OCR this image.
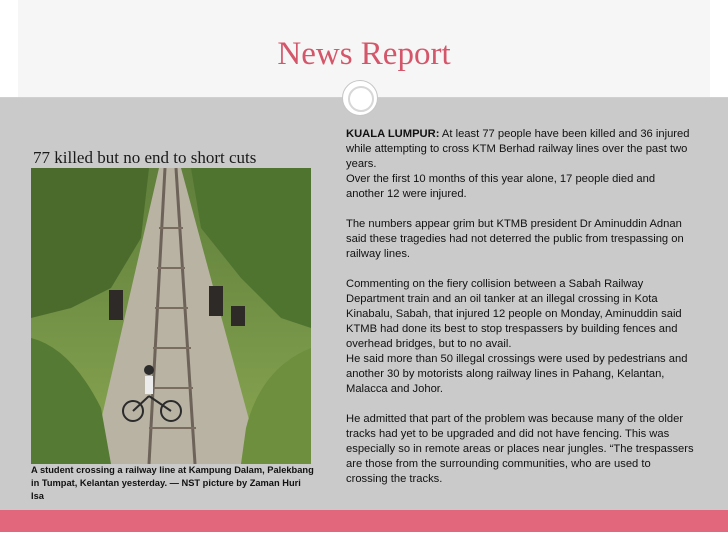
News Report
77 killed but no end to short cuts
A student crossing a railway line at Kampung Dalam, Palekbang in Tumpat, Kelantan yesterday. — NST picture by Zaman Huri Isa

KUALA LUMPUR: At least 77 people have been killed and 36 injured while attempting to cross KTM Berhad railway lines over the past two years.
Over the first 10 months of this year alone, 17 people died and another 12 were injured.

The numbers appear grim but KTMB president Dr Aminuddin Adnan said these tragedies had not deterred the public from trespassing on railway lines.

Commenting on the fiery collision between a Sabah Railway Department train and an oil tanker at an illegal crossing in Kota Kinabalu, Sabah, that injured 12 people on Monday, Aminuddin said KTMB had done its best to stop trespassers by building fences and overhead bridges, but to no avail.

He said more than 50 illegal crossings were used by pedestrians and another 30 by motorists along railway lines in Pahang, Kelantan, Malacca and Johor.

He admitted that part of the problem was because many of the older tracks had yet to be upgraded and did not have fencing. This was especially so in remote areas or places near jungles. “The trespassers are those from the surrounding communities, who are used to crossing the tracks.
